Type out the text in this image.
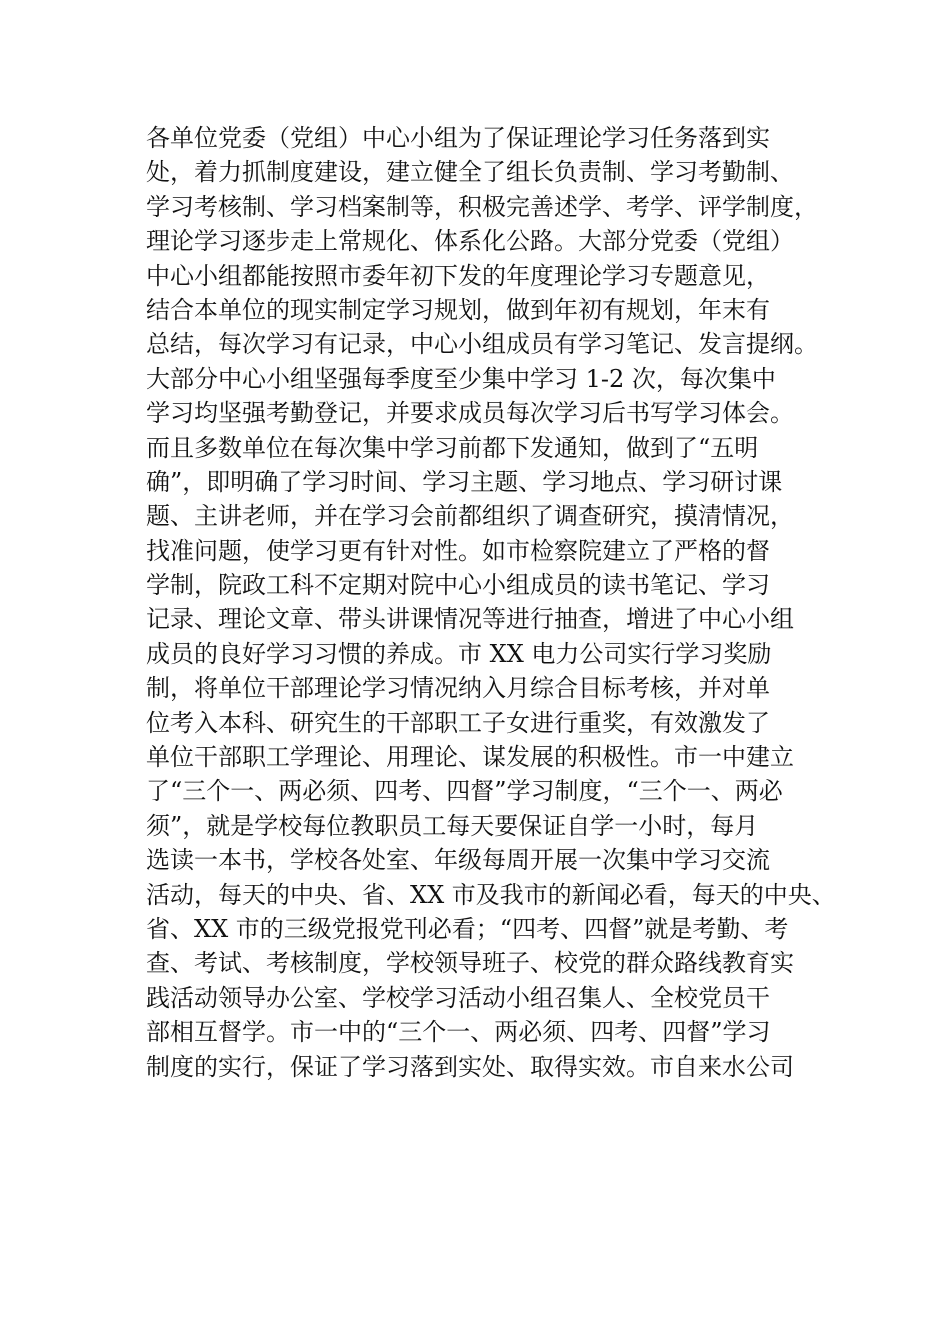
各单位党委（党组）中心小组为了保证理论学习任务落到实
处，着力抓制度建设，建立健全了组长负责制、学习考勤制、
学习考核制、学习档案制等，积极完善述学、考学、评学制度，
理论学习逐步走上常规化、体系化公路。大部分党委（党组）
中心小组都能按照市委年初下发的年度理论学习专题意见，
结合本单位的现实制定学习规划，做到年初有规划，年末有
总结，每次学习有记录，中心小组成员有学习笔记、发言提纲。
大部分中心小组坚强每季度至少集中学习 1-2 次，每次集中
学习均坚强考勤登记，并要求成员每次学习后书写学习体会。
而且多数单位在每次集中学习前都下发通知，做到了“五明
确”，即明确了学习时间、学习主题、学习地点、学习研讨课
题、主讲老师，并在学习会前都组织了调查研究，摸清情况，
找准问题，使学习更有针对性。如市检察院建立了严格的督
学制，院政工科不定期对院中心小组成员的读书笔记、学习
记录、理论文章、带头讲课情况等进行抽查，增进了中心小组
成员的良好学习习惯的养成。市 XX 电力公司实行学习奖励
制，将单位干部理论学习情况纳入月综合目标考核，并对单
位考入本科、研究生的干部职工子女进行重奖，有效激发了
单位干部职工学理论、用理论、谋发展的积极性。市一中建立
了“三个一、两必须、四考、四督”学习制度，“三个一、两必
须”，就是学校每位教职员工每天要保证自学一小时，每月
选读一本书，学校各处室、年级每周开展一次集中学习交流
活动，每天的中央、省、XX 市及我市的新闻必看，每天的中央、
省、XX 市的三级党报党刊必看；“四考、四督”就是考勤、考
查、考试、考核制度，学校领导班子、校党的群众路线教育实
践活动领导办公室、学校学习活动小组召集人、全校党员干
部相互督学。市一中的“三个一、两必须、四考、四督”学习
制度的实行，保证了学习落到实处、取得实效。市自来水公司
